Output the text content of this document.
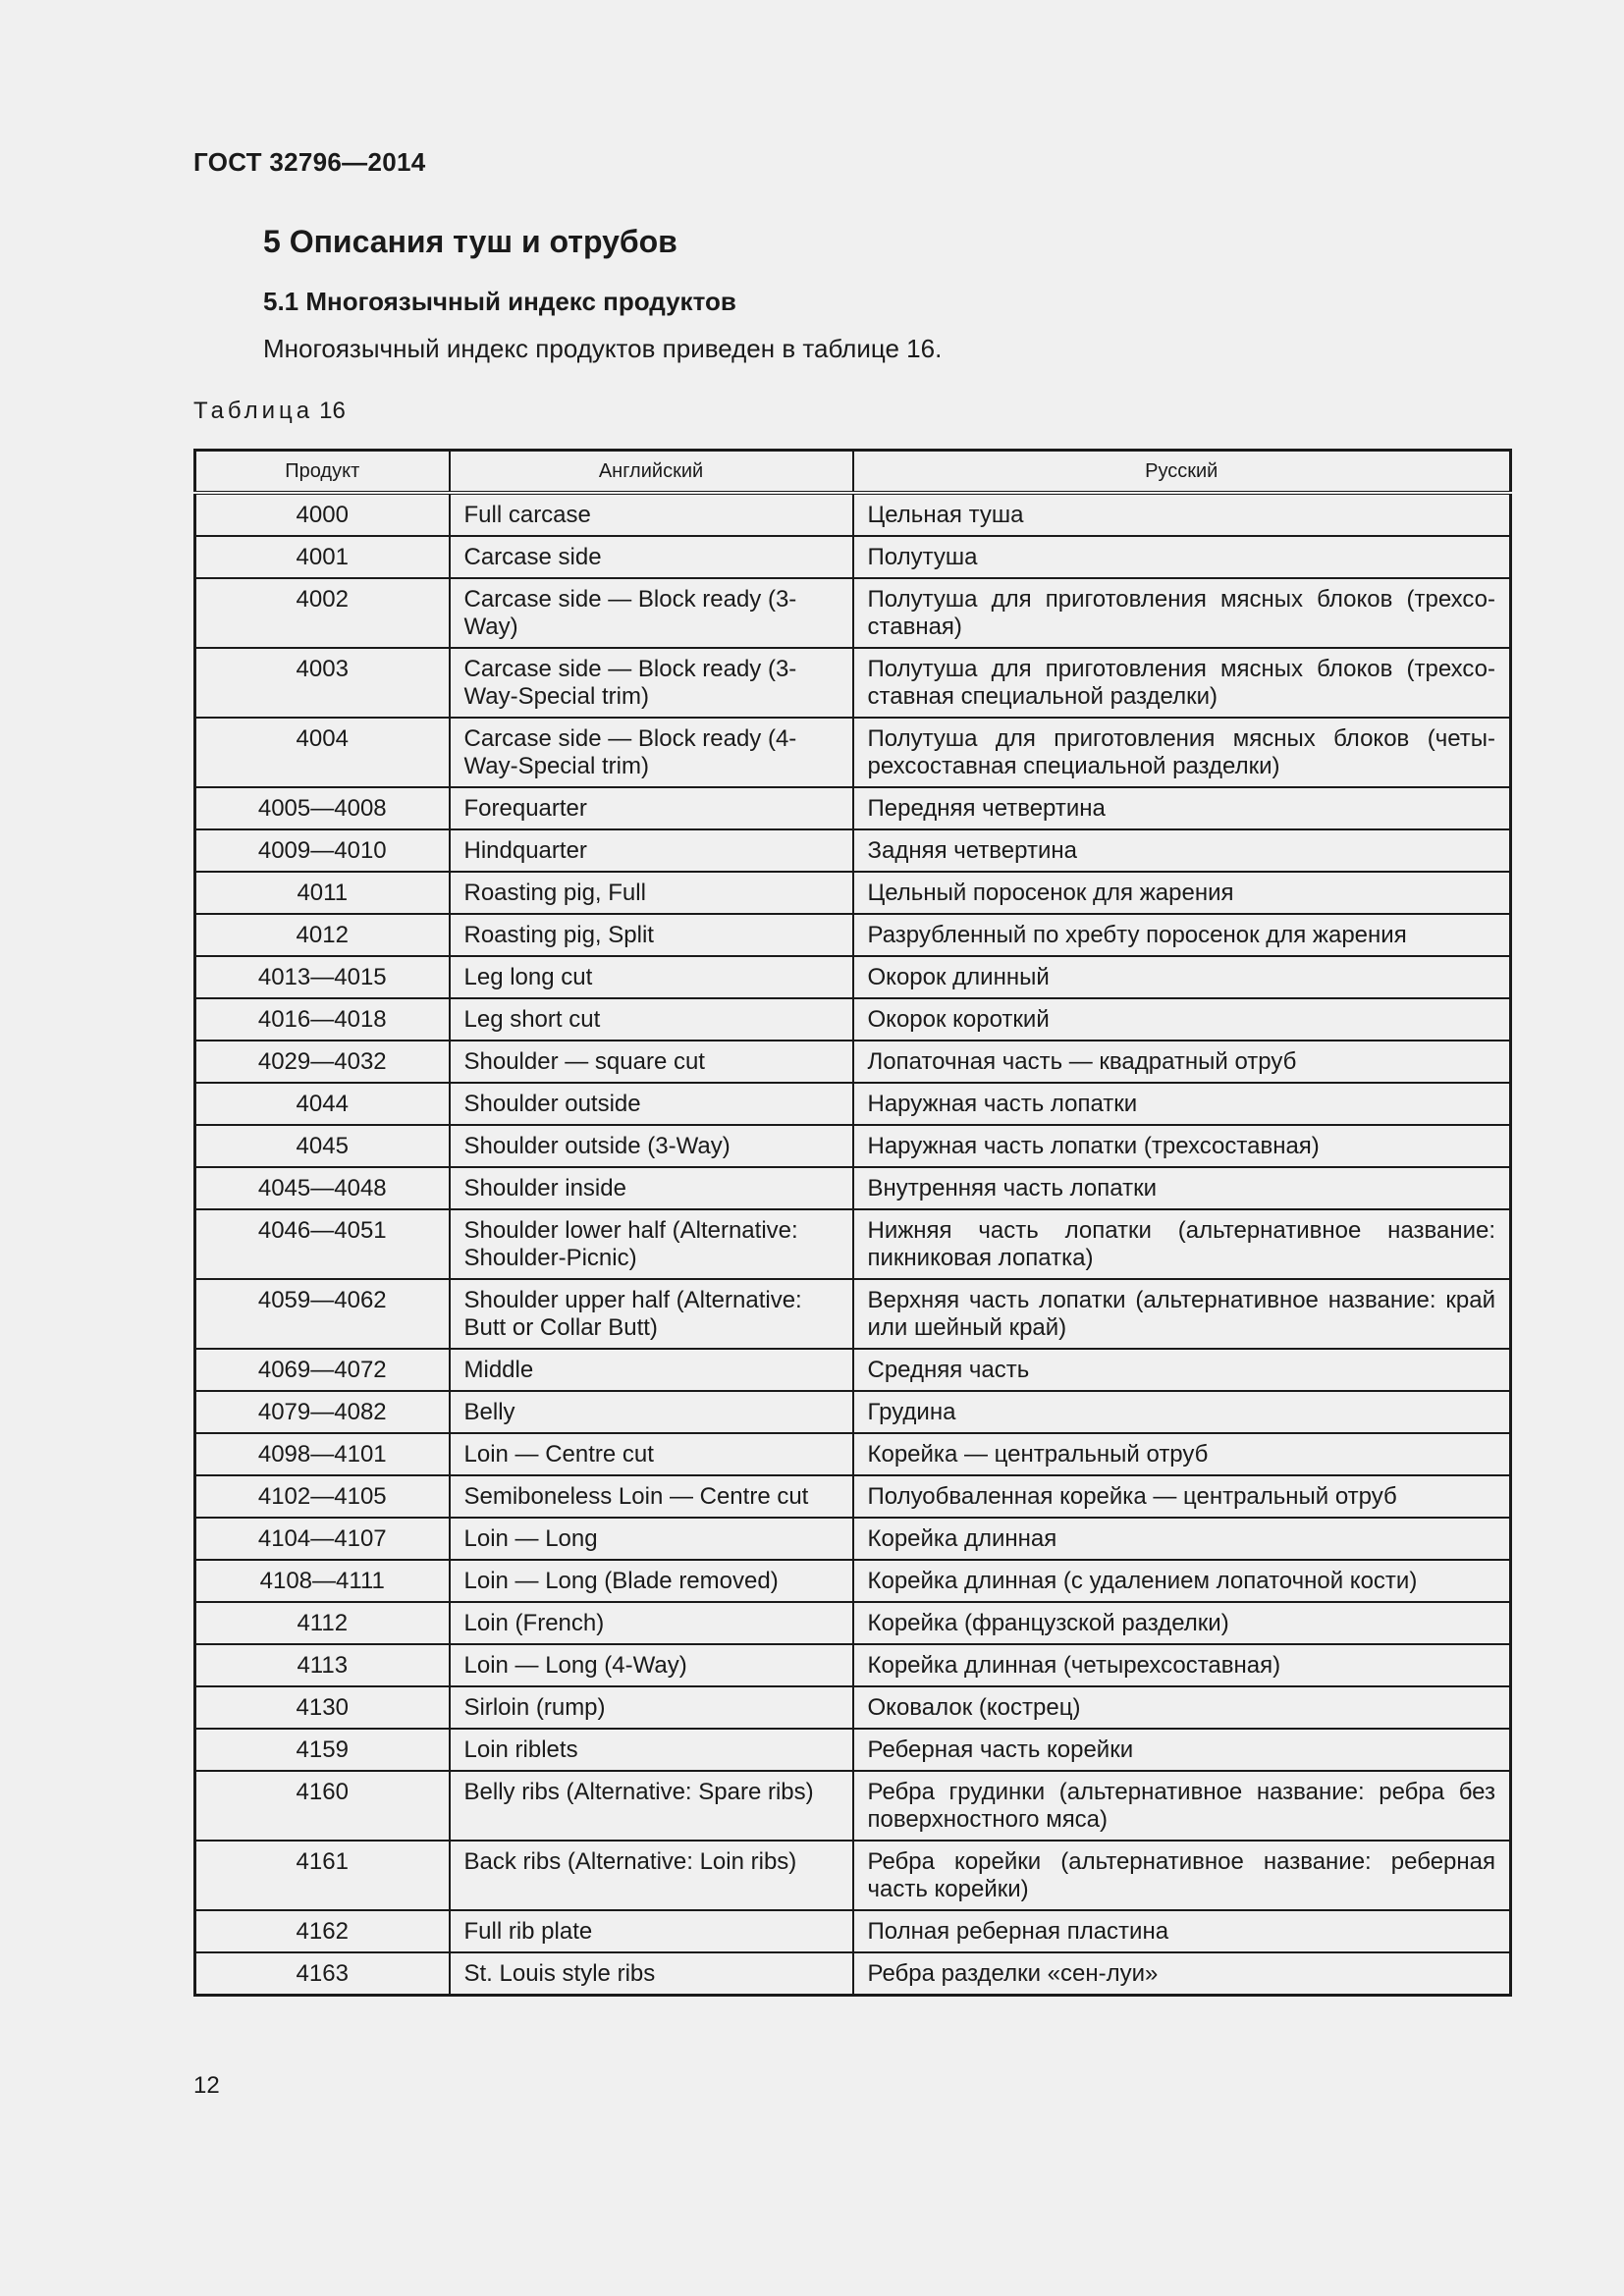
ГОСТ 32796—2014
5 Описания туш и отрубов
5.1 Многоязычный индекс продуктов
Многоязычный индекс продуктов приведен в таблице 16.
Таблица 16
Продукт	Английский	Русский
4000	Full carcase	Цельная туша
4001	Carcase side	Полутуша
4002	Carcase side — Block ready (3-Way)	Полутуша для приготовления мясных блоков (трехсоставная)
4003	Carcase side — Block ready (3-Way-Special trim)	Полутуша для приготовления мясных блоков (трехсоставная специальной разделки)
4004	Carcase side — Block ready (4-Way-Special trim)	Полутуша для приготовления мясных блоков (четырехсоставная специальной разделки)
4005—4008	Forequarter	Передняя четвертина
4009—4010	Hindquarter	Задняя четвертина
4011	Roasting pig, Full	Цельный поросенок для жарения
4012	Roasting pig, Split	Разрубленный по хребту поросенок для жарения
4013—4015	Leg long cut	Окорок длинный
4016—4018	Leg short cut	Окорок короткий
4029—4032	Shoulder — square cut	Лопаточная часть — квадратный отруб
4044	Shoulder outside	Наружная часть лопатки
4045	Shoulder outside (3-Way)	Наружная часть лопатки (трехсоставная)
4045—4048	Shoulder inside	Внутренняя часть лопатки
4046—4051	Shoulder lower half (Alternative: Shoulder-Picnic)	Нижняя часть лопатки (альтернативное название: пикниковая лопатка)
4059—4062	Shoulder upper half (Alternative: Butt or Collar Butt)	Верхняя часть лопатки (альтернативное название: край или шейный край)
4069—4072	Middle	Средняя часть
4079—4082	Belly	Грудина
4098—4101	Loin — Centre cut	Корейка — центральный отруб
4102—4105	Semiboneless Loin — Centre cut	Полуобваленная корейка — центральный отруб
4104—4107	Loin — Long	Корейка длинная
4108—4111	Loin — Long (Blade removed)	Корейка длинная (с удалением лопаточной кости)
4112	Loin (French)	Корейка (французской разделки)
4113	Loin — Long (4-Way)	Корейка длинная (четырехсоставная)
4130	Sirloin (rump)	Оковалок (кострец)
4159	Loin riblets	Реберная часть корейки
4160	Belly ribs (Alternative: Spare ribs)	Ребра грудинки (альтернативное название: ребра без поверхностного мяса)
4161	Back ribs (Alternative: Loin ribs)	Ребра корейки (альтернативное название: реберная часть корейки)
4162	Full rib plate	Полная реберная пластина
4163	St. Louis style ribs	Ребра разделки «сен-луи»
12
